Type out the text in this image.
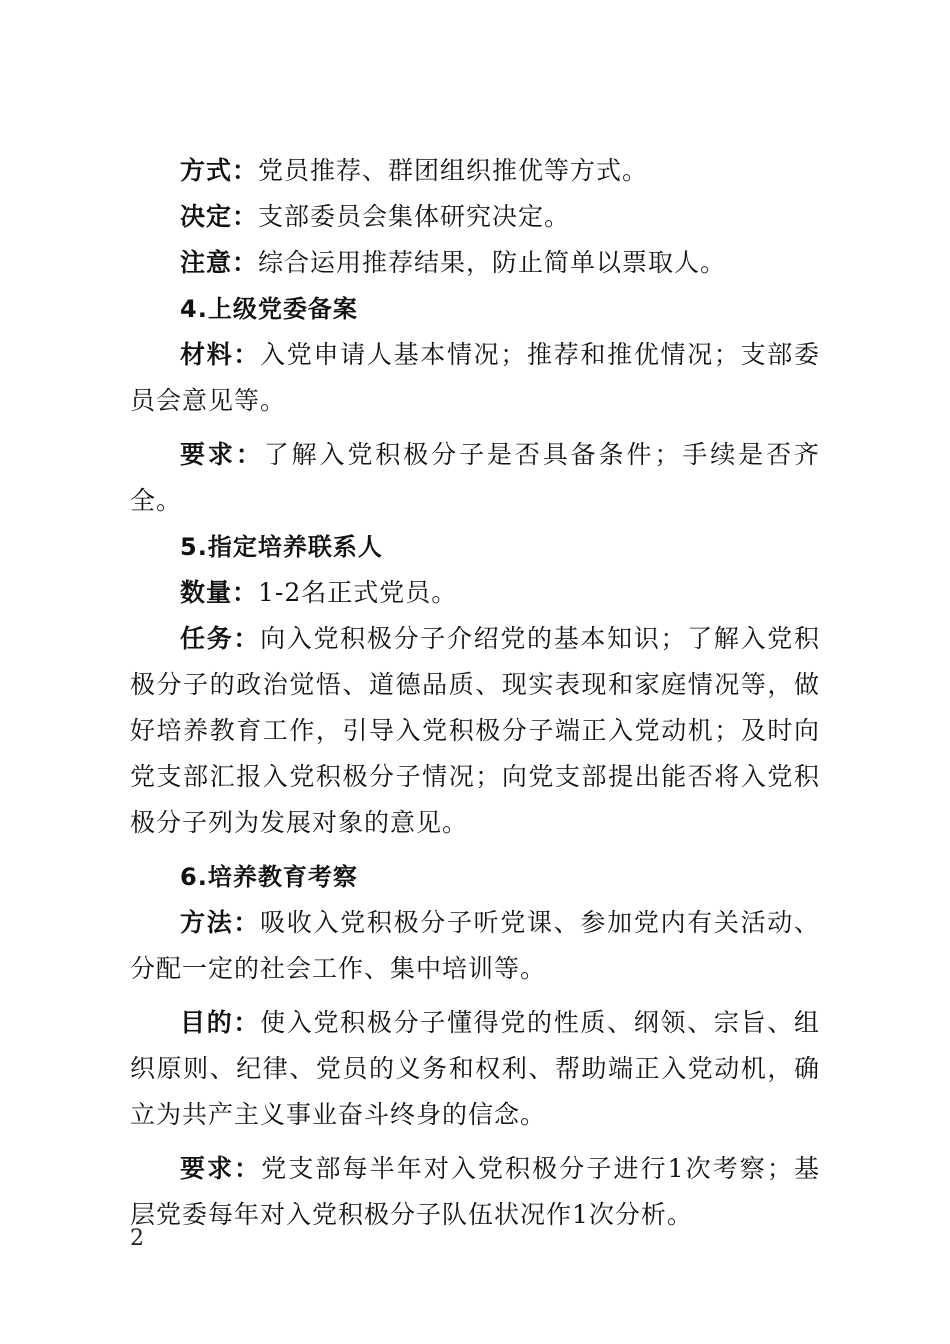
方式：党员推荐、群团组织推优等方式。

决定：支部委员会集体研究决定。

注意：综合运用推荐结果，防止简单以票取人。

4.上级党委备案

材料：入党申请人基本情况；推荐和推优情况；支部委员会意见等。

要求：了解入党积极分子是否具备条件；手续是否齐全。

5.指定培养联系人

数量：1-2名正式党员。

任务：向入党积极分子介绍党的基本知识；了解入党积极分子的政治觉悟、道德品质、现实表现和家庭情况等，做好培养教育工作，引导入党积极分子端正入党动机；及时向党支部汇报入党积极分子情况；向党支部提出能否将入党积极分子列为发展对象的意见。

6.培养教育考察

方法：吸收入党积极分子听党课、参加党内有关活动、分配一定的社会工作、集中培训等。

目的：使入党积极分子懂得党的性质、纲领、宗旨、组织原则、纪律、党员的义务和权利、帮助端正入党动机，确立为共产主义事业奋斗终身的信念。

要求：党支部每半年对入党积极分子进行1次考察；基层党委每年对入党积极分子队伍状况作1次分析。

2
